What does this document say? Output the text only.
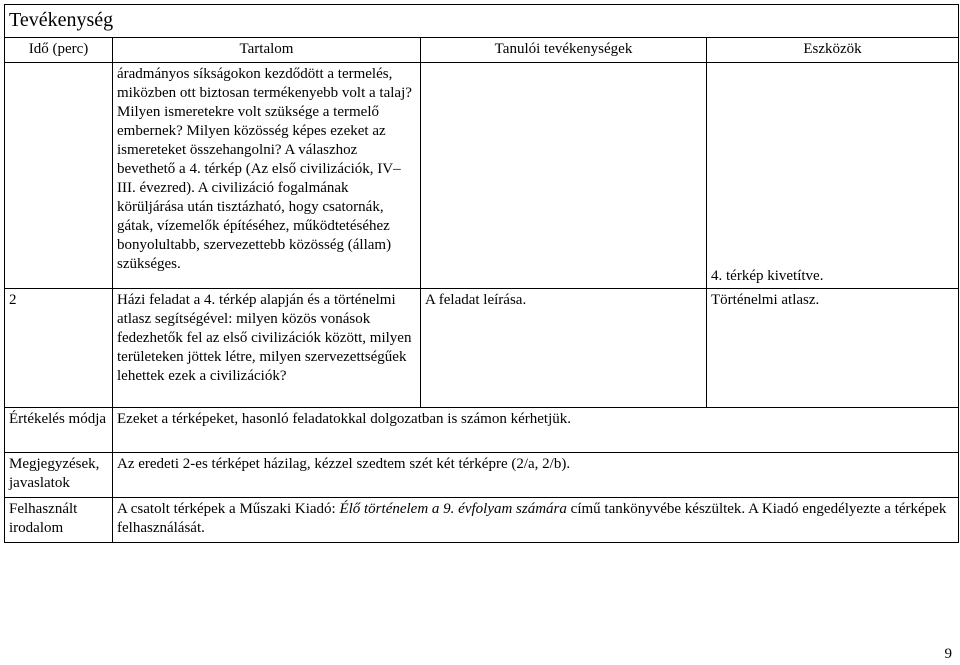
Tevékenység			
Idő (perc)	Tartalom	Tanulói tevékenységek	Eszközök
	áradmányos síkságokon kezdődött a termelés, miközben ott biztosan termékenyebb volt a talaj? Milyen ismeretekre volt szüksége a termelő embernek? Milyen közösség képes ezeket az ismereteket összehangolni? A válaszhoz bevethető a 4. térkép (Az első civilizációk, IV–III. évezred). A civilizáció fogalmának körüljárása után tisztázható, hogy csatornák, gátak, vízemelők építéséhez, működtetéséhez bonyolultabb, szervezettebb közösség (állam) szükséges.		4. térkép kivetítve.
2	Házi feladat a 4. térkép alapján és a történelmi atlasz segítségével: milyen közös vonások fedezhetők fel az első civilizációk között, milyen területeken jöttek létre, milyen szervezettségűek lehettek ezek a civilizációk?	A feladat leírása.	Történelmi atlasz.
Értékelés módja	Ezeket a térképeket, hasonló feladatokkal dolgozatban is számon kérhetjük.		
Megjegyzések, javaslatok	Az eredeti 2-es térképet házilag, kézzel szedtem szét két térképre (2/a, 2/b).		
Felhasznált irodalom	A csatolt térképek a Műszaki Kiadó: Élő történelem a 9. évfolyam számára című tankönyvébe készültek. A Kiadó engedélyezte a térképek felhasználását.		
9
